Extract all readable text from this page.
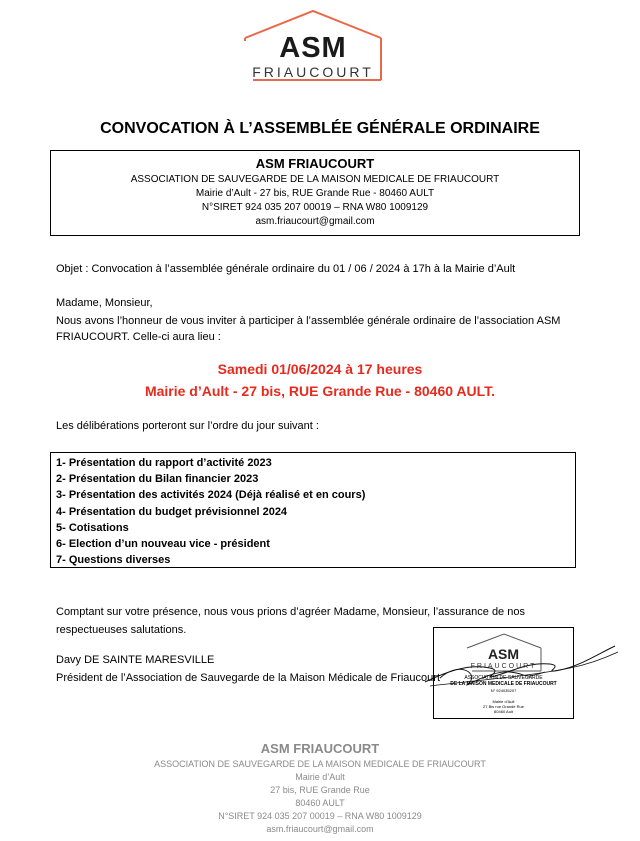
ASM
FRIAUCOURT
CONVOCATION À L’ASSEMBLÉE GÉNÉRALE ORDINAIRE
ASM FRIAUCOURT
ASSOCIATION DE SAUVEGARDE DE LA MAISON MEDICALE DE FRIAUCOURT
Mairie d’Ault - 27 bis, RUE Grande Rue - 80460 AULT
N°SIRET 924 035 207 00019 – RNA W80 1009129
asm.friaucourt@gmail.com
Objet : Convocation à l’assemblée générale ordinaire du 01 / 06 / 2024 à 17h à la Mairie d’Ault
Madame, Monsieur,
Nous avons l’honneur de vous inviter à participer à l’assemblée générale ordinaire de l’association ASM FRIAUCOURT. Celle-ci aura lieu :
Samedi 01/06/2024 à 17 heures
Mairie d’Ault - 27 bis, RUE Grande Rue - 80460 AULT.
Les délibérations porteront sur l’ordre du jour suivant :
1- Présentation du rapport d’activité 2023
2- Présentation du Bilan financier 2023
3- Présentation des activités 2024 (Déjà réalisé et en cours)
4- Présentation du budget prévisionnel 2024
5- Cotisations
6- Election d’un nouveau vice - président
7- Questions diverses
Comptant sur votre présence, nous vous prions d’agréer Madame, Monsieur, l’assurance de nos
respectueuses salutations.
ASM
FRIAUCOURT
ASSOCIATION DE SAUVEGARDE
DE LA MAISON MEDICALE DE FRIAUCOURT
N° 924035207
Mairie d’Ault
27 Bis rue Grande Rue
80460 Ault
Davy DE SAINTE MARESVILLE
Président de l’Association de Sauvegarde de la Maison Médicale de Friaucourt
ASM FRIAUCOURT
ASSOCIATION DE SAUVEGARDE DE LA MAISON MEDICALE DE FRIAUCOURT
Mairie d’Ault
27 bis, RUE Grande Rue
80460 AULT
N°SIRET 924 035 207 00019 – RNA W80 1009129
asm.friaucourt@gmail.com
